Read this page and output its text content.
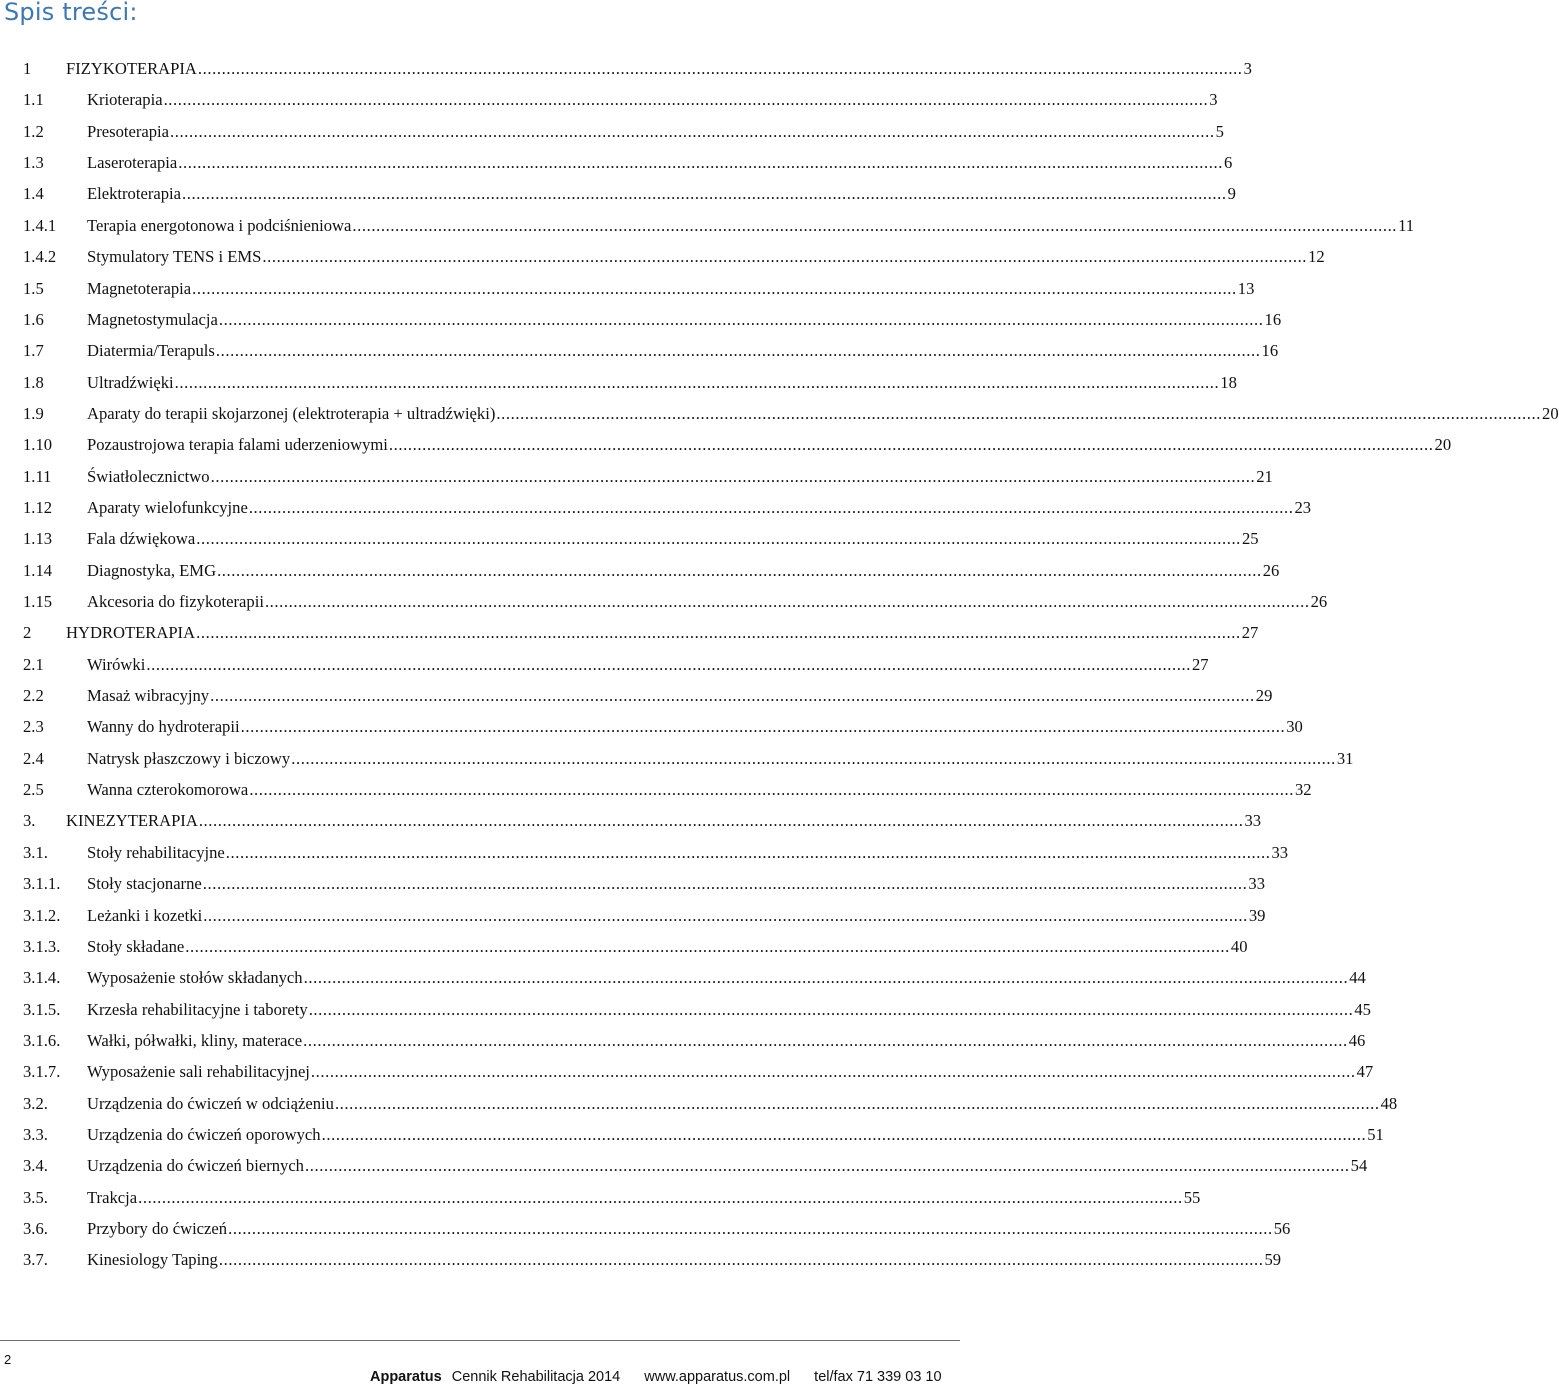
Spis treści:
1 FIZYKOTERAPIA ............................................................................................................................................................................................................................ 3
1.1	Krioterapia ............................................................................................................................................................................................................................ 3
1.2	Presoterapia ............................................................................................................................................................................................................................ 5
1.3	Laseroterapia ............................................................................................................................................................................................................................ 6
1.4	Elektroterapia ............................................................................................................................................................................................................................ 9
1.4.1 Terapia energotonowa i podciśnieniowa ............................................................................................................................................................................................................................ 11
1.4.2 Stymulatory TENS i EMS ............................................................................................................................................................................................................................ 12
1.5	Magnetoterapia ............................................................................................................................................................................................................................ 13
1.6	Magnetostymulacja ............................................................................................................................................................................................................................ 16
1.7	Diatermia/Terapuls ............................................................................................................................................................................................................................ 16
1.8	Ultradźwięki ............................................................................................................................................................................................................................ 18
1.9	Aparaty do terapii skojarzonej (elektroterapia + ultradźwięki) ............................................................................................................................................................................................................................ 20
1.10 Pozaustrojowa terapia falami uderzeniowymi ............................................................................................................................................................................................................................ 20
1.11 Światłolecznictwo ............................................................................................................................................................................................................................ 21
1.12 Aparaty wielofunkcyjne ............................................................................................................................................................................................................................ 23
1.13 Fala dźwiękowa ............................................................................................................................................................................................................................ 25
1.14 Diagnostyka, EMG ............................................................................................................................................................................................................................ 26
1.15 Akcesoria do fizykoterapii ............................................................................................................................................................................................................................ 26
2 HYDROTERAPIA ............................................................................................................................................................................................................................ 27
2.1	Wirówki ............................................................................................................................................................................................................................ 27
2.2	Masaż wibracyjny ............................................................................................................................................................................................................................ 29
2.3	Wanny do hydroterapii ............................................................................................................................................................................................................................ 30
2.4	Natrysk płaszczowy i biczowy ............................................................................................................................................................................................................................ 31
2.5	Wanna czterokomorowa ............................................................................................................................................................................................................................ 32
3. KINEZYTERAPIA ............................................................................................................................................................................................................................ 33
3.1. Stoły rehabilitacyjne ............................................................................................................................................................................................................................ 33
3.1.1. Stoły stacjonarne ............................................................................................................................................................................................................................ 33
3.1.2. Leżanki i kozetki ............................................................................................................................................................................................................................ 39
3.1.3. Stoły składane ............................................................................................................................................................................................................................ 40
3.1.4. Wyposażenie stołów składanych ............................................................................................................................................................................................................................ 44
3.1.5. Krzesła rehabilitacyjne i taborety ............................................................................................................................................................................................................................ 45
3.1.6. Wałki, półwałki, kliny, materace ............................................................................................................................................................................................................................ 46
3.1.7. Wyposażenie sali rehabilitacyjnej ............................................................................................................................................................................................................................ 47
3.2. Urządzenia do ćwiczeń w odciążeniu ............................................................................................................................................................................................................................ 48
3.3. Urządzenia do ćwiczeń oporowych ............................................................................................................................................................................................................................ 51
3.4. Urządzenia do ćwiczeń biernych ............................................................................................................................................................................................................................ 54
3.5. Trakcja ............................................................................................................................................................................................................................ 55
3.6. Przybory do ćwiczeń ............................................................................................................................................................................................................................ 56
3.7. Kinesiology Taping ............................................................................................................................................................................................................................ 59
2
Apparatus Cennik Rehabilitacja 2014 www.apparatus.com.pl tel/fax 71 339 03 10
